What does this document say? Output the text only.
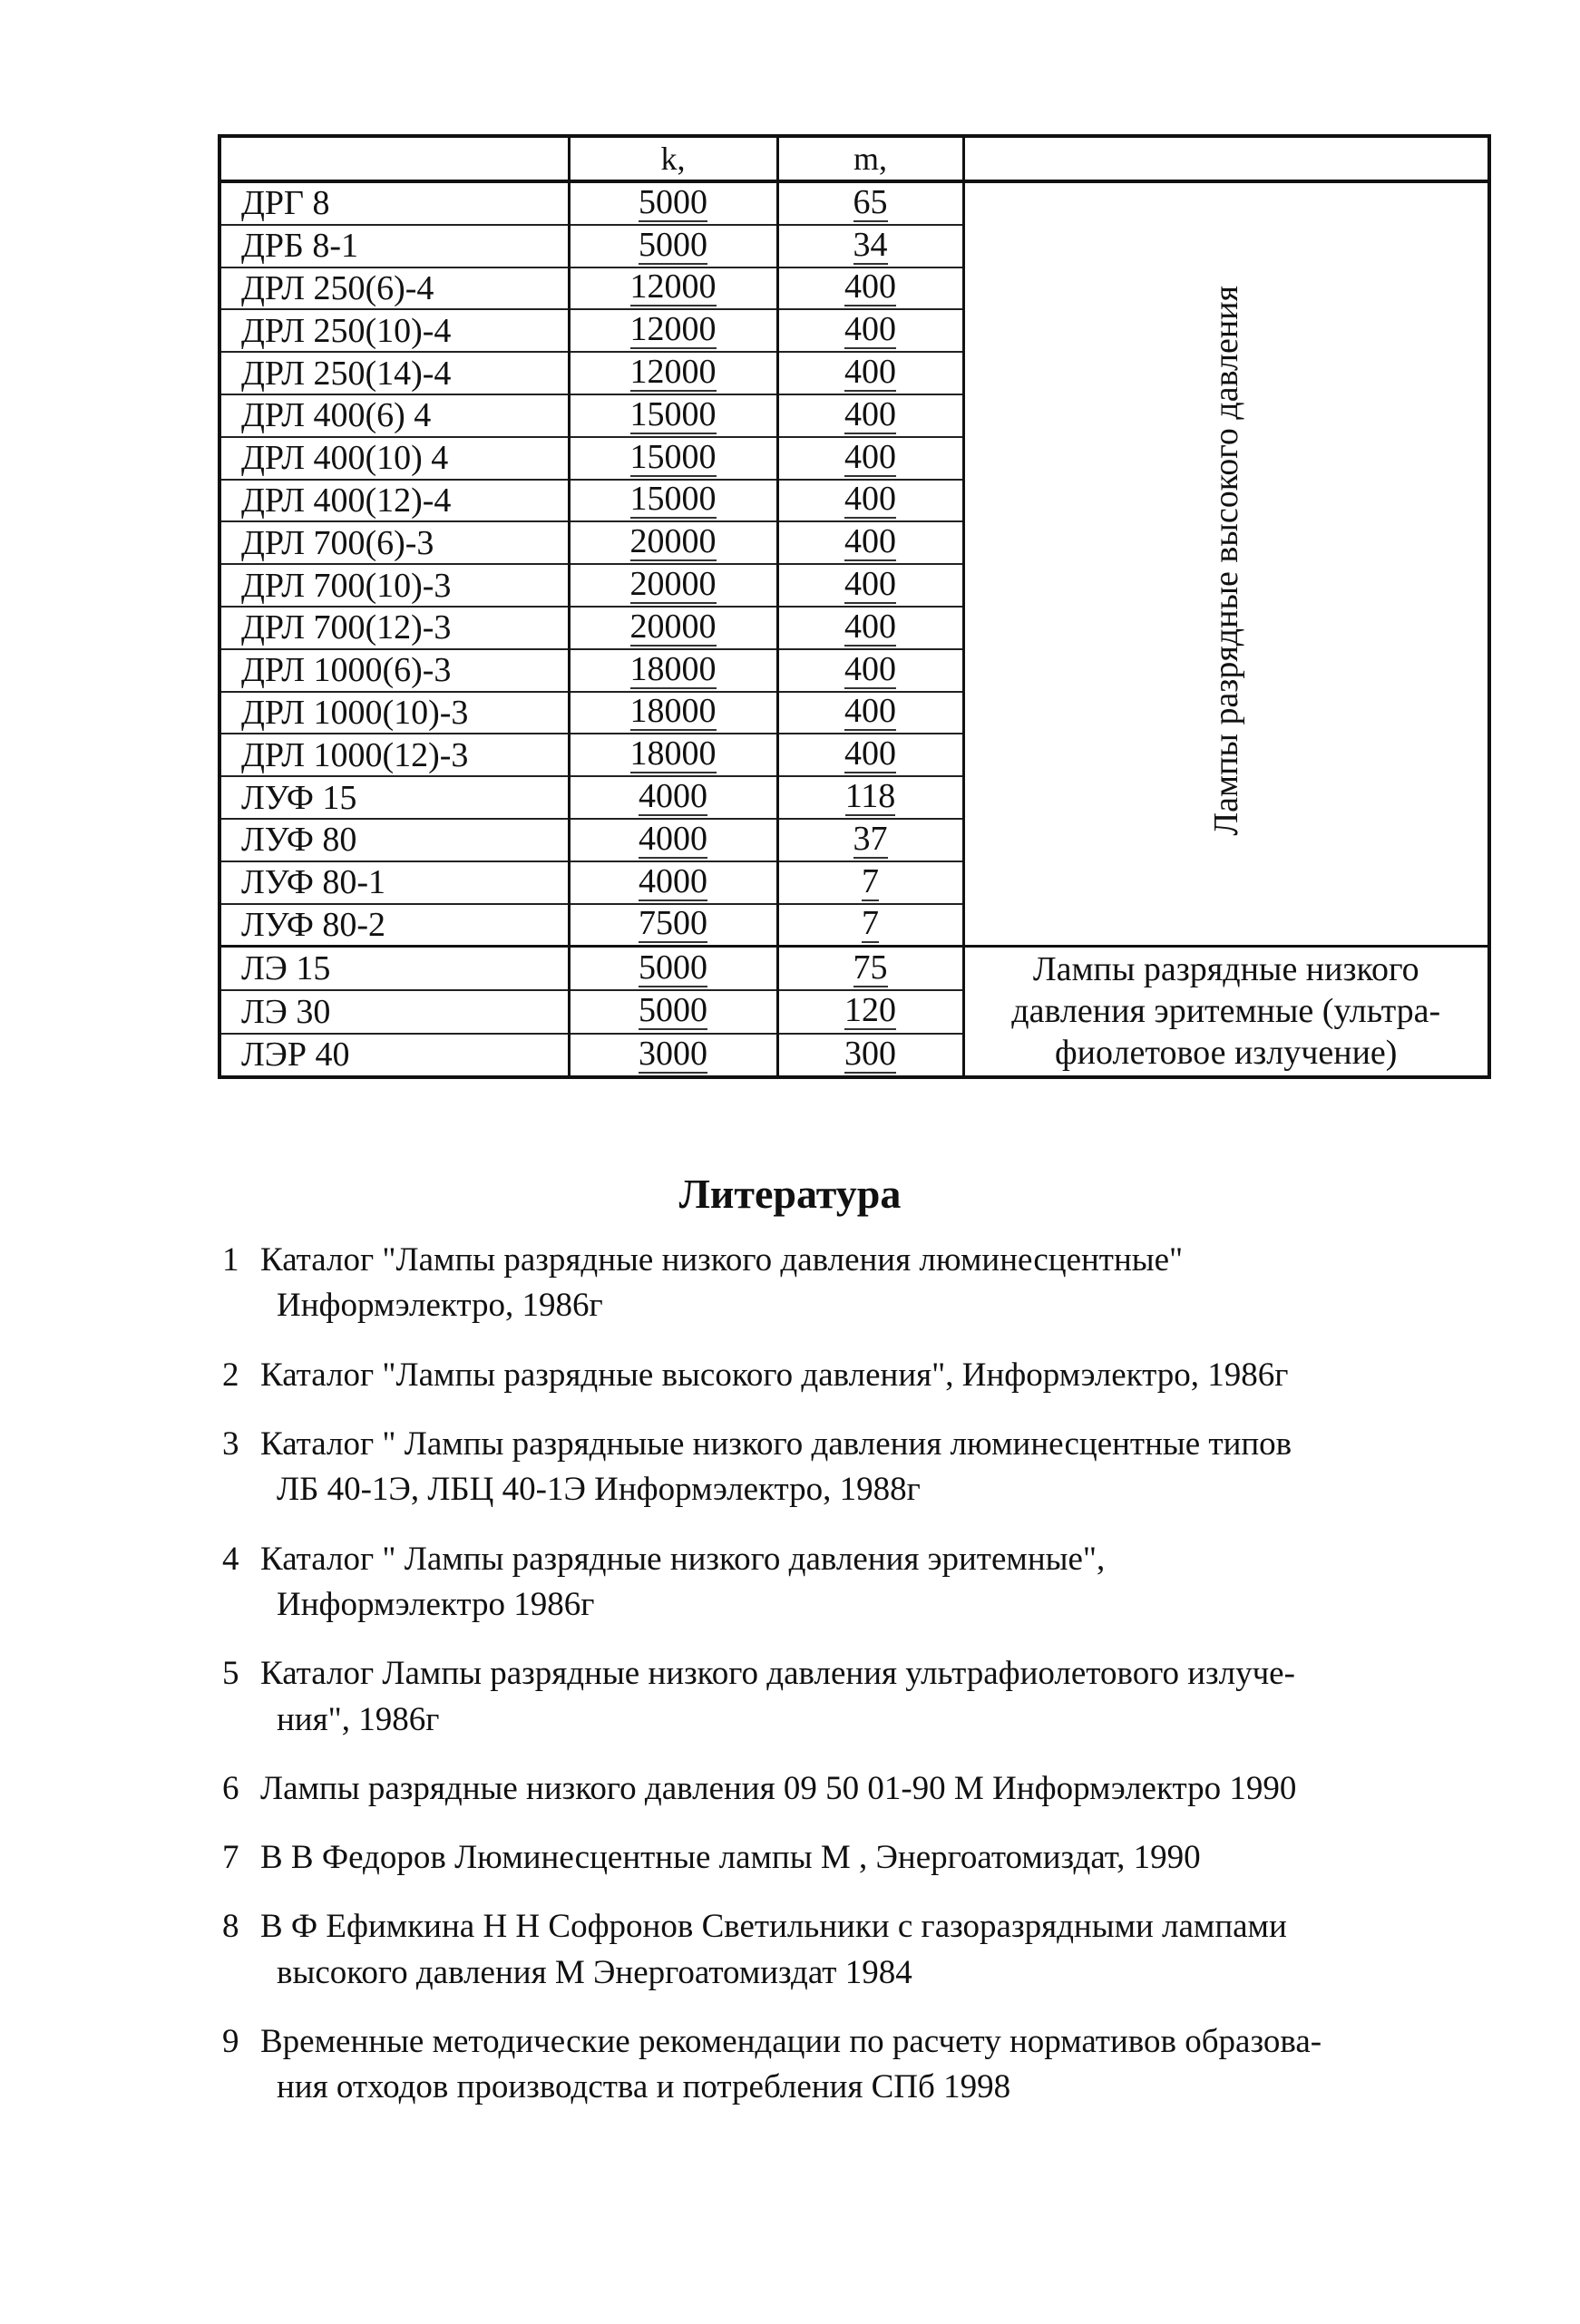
	k,	m,	
ДРГ 8	5000	65	Лампы разрядные высокого давления
ДРБ 8-1	5000	34	
ДРЛ 250(6)-4	12000	400	
ДРЛ 250(10)-4	12000	400	
ДРЛ 250(14)-4	12000	400	
ДРЛ 400(6) 4	15000	400	
ДРЛ 400(10) 4	15000	400	
ДРЛ 400(12)-4	15000	400	
ДРЛ 700(6)-3	20000	400	
ДРЛ 700(10)-3	20000	400	
ДРЛ 700(12)-3	20000	400	
ДРЛ 1000(6)-3	18000	400	
ДРЛ 1000(10)-3	18000	400	
ДРЛ 1000(12)-3	18000	400	
ЛУФ 15	4000	118	
ЛУФ 80	4000	37	
ЛУФ 80-1	4000	7	
ЛУФ 80-2	7500	7	
ЛЭ 15	5000	75	Лампы разрядные низкого давления эритемные (ультра-фиолетовое излучение)
ЛЭ 30	5000	120	
ЛЭР 40	3000	300	
Литература
1 Каталог "Лампы разрядные низкого давления люминесцентные"
Информэлектро, 1986г
2 Каталог "Лампы разрядные высокого давления", Информэлектро, 1986г
3 Каталог " Лампы разрядныые низкого давления люминесцентные типов
ЛБ 40-1Э, ЛБЦ 40-1Э Информэлектро, 1988г
4 Каталог " Лампы разрядные низкого давления эритемные",
Информэлектро 1986г
5 Каталог Лампы разрядные низкого давления ультрафиолетового излуче-
ния", 1986г
6 Лампы разрядные низкого давления 09 50 01-90 М Информэлектро 1990
7 В В Федоров Люминесцентные лампы М , Энергоатомиздат, 1990
8 В Ф Ефимкина Н Н Софронов Светильники с газоразрядными лампами
высокого давления М Энергоатомиздат 1984
9 Временные методические рекомендации по расчету нормативов образова-
ния отходов производства и потребления СПб 1998
